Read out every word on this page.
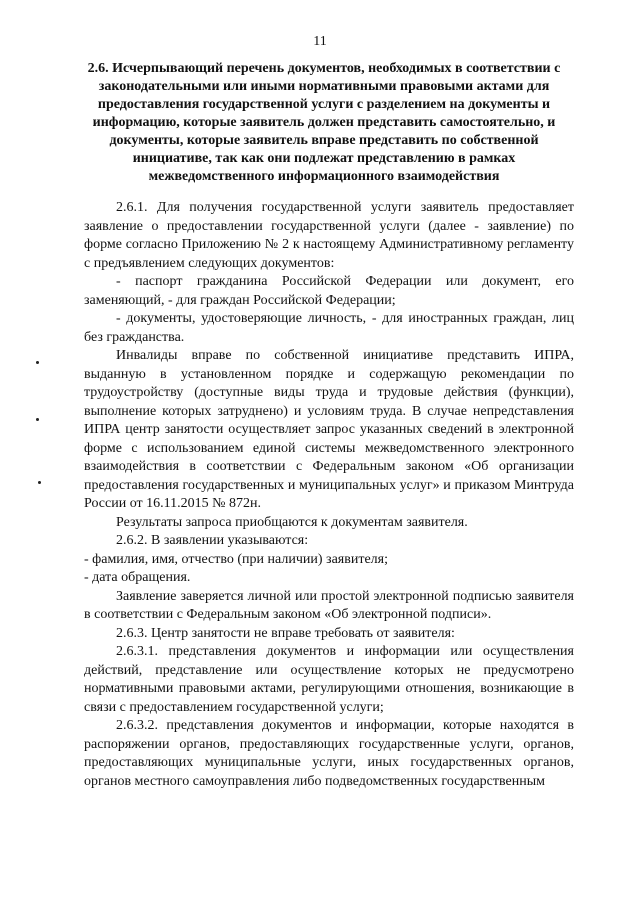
11
2.6. Исчерпывающий перечень документов, необходимых в соответствии с законодательными или иными нормативными правовыми актами для предоставления государственной услуги с разделением на документы и информацию, которые заявитель должен представить самостоятельно, и документы, которые заявитель вправе представить по собственной инициативе, так как они подлежат представлению в рамках межведомственного информационного взаимодействия

2.6.1. Для получения государственной услуги заявитель предоставляет заявление о предоставлении государственной услуги (далее - заявление) по форме согласно Приложению № 2 к настоящему Административному регламенту с предъявлением следующих документов:

- паспорт гражданина Российской Федерации или документ, его заменяющий, - для граждан Российской Федерации;

- документы, удостоверяющие личность, - для иностранных граждан, лиц без гражданства.

Инвалиды вправе по собственной инициативе представить ИПРА, выданную в установленном порядке и содержащую рекомендации по трудоустройству (доступные виды труда и трудовые действия (функции), выполнение которых затруднено) и условиям труда. В случае непредставления ИПРА центр занятости осуществляет запрос указанных сведений в электронной форме с использованием единой системы межведомственного электронного взаимодействия в соответствии с Федеральным законом «Об организации предоставления государственных и муниципальных услуг» и приказом Минтруда России от 16.11.2015 № 872н.

Результаты запроса приобщаются к документам заявителя.

2.6.2. В заявлении указываются:

- фамилия, имя, отчество (при наличии) заявителя;

- дата обращения.

Заявление заверяется личной или простой электронной подписью заявителя в соответствии с Федеральным законом «Об электронной подписи».

2.6.3. Центр занятости не вправе требовать от заявителя:

2.6.3.1. представления документов и информации или осуществления действий, представление или осуществление которых не предусмотрено нормативными правовыми актами, регулирующими отношения, возникающие в связи с предоставлением государственной услуги;

2.6.3.2. представления документов и информации, которые находятся в распоряжении органов, предоставляющих государственные услуги, органов, предоставляющих муниципальные услуги, иных государственных органов, органов местного самоуправления либо подведомственных государственным
